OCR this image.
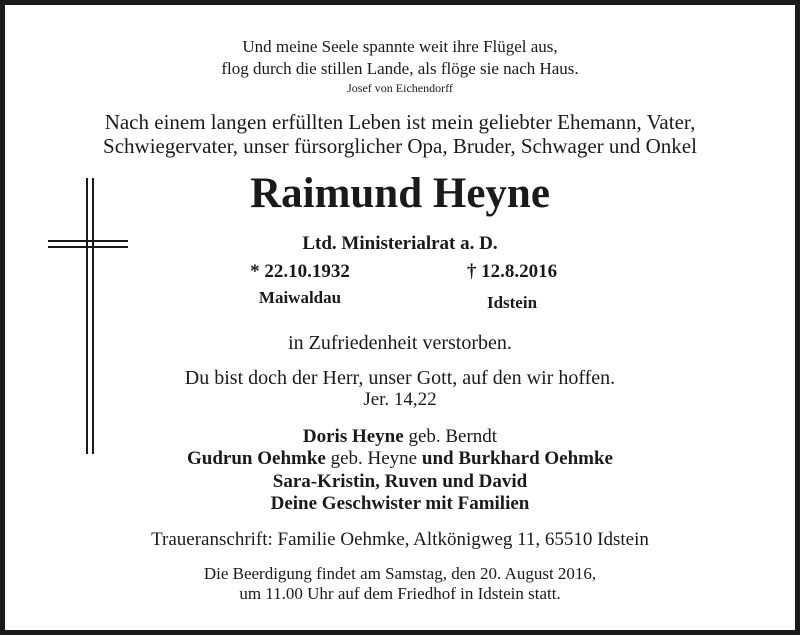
Und meine Seele spannte weit ihre Flügel aus,
flog durch die stillen Lande, als flöge sie nach Haus.
Josef von Eichendorff
Nach einem langen erfüllten Leben ist mein geliebter Ehemann, Vater,
Schwiegervater, unser fürsorglicher Opa, Bruder, Schwager und Onkel
Raimund Heyne
Ltd. Ministerialrat a. D.
* 22.10.1932
Maiwaldau
† 12.8.2016
Idstein
in Zufriedenheit verstorben.
Du bist doch der Herr, unser Gott, auf den wir hoffen.
Jer. 14,22
Doris Heyne geb. Berndt
Gudrun Oehmke geb. Heyne und Burkhard Oehmke
Sara-Kristin, Ruven und David
Deine Geschwister mit Familien
Traueranschrift: Familie Oehmke, Altkönigweg 11, 65510 Idstein
Die Beerdigung findet am Samstag, den 20. August 2016,
um 11.00 Uhr auf dem Friedhof in Idstein statt.
